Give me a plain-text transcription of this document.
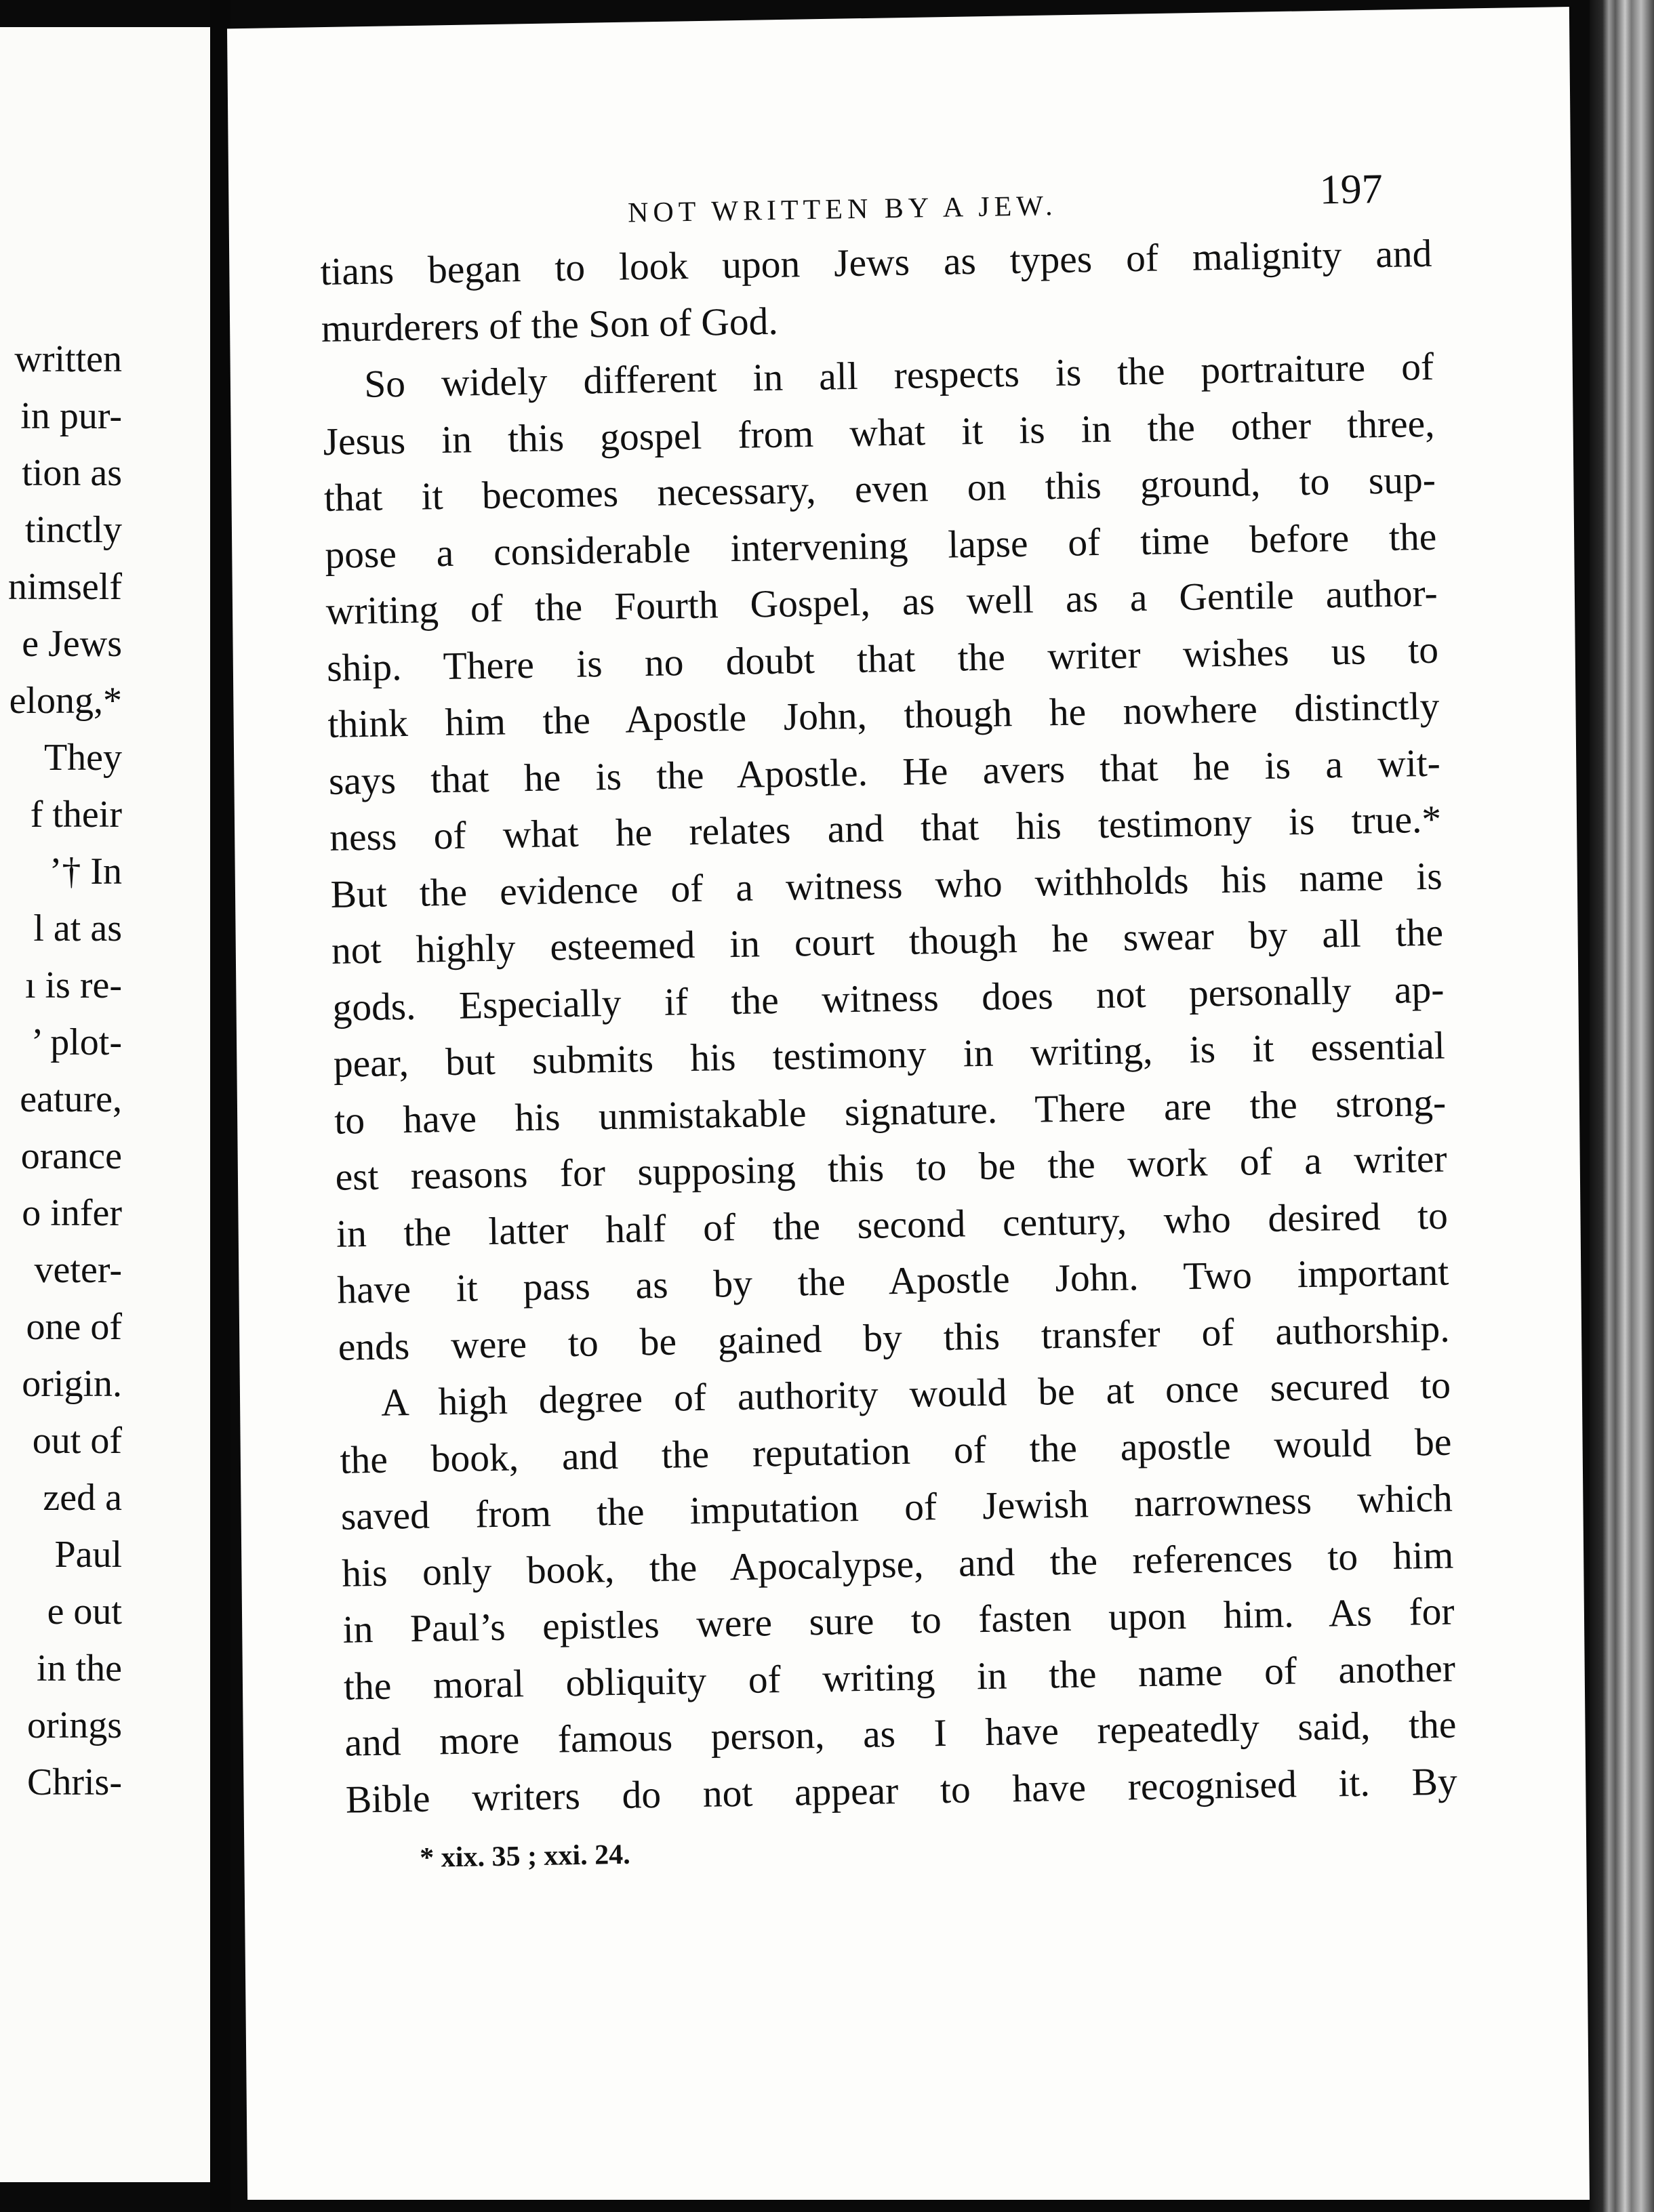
written
in pur-
tion as
tinctly
nimself
e Jews
elong,*
They
f their
’† In
l at as
ı is re-
’ plot-
eature,
orance
o infer
veter-
one of
origin.
out of
zed a
Paul
e out
in the
orings
Chris-
NOT WRITTEN BY A JEW.	197
tians began to look upon Jews as types of malignity and
murderers of the Son of God.
So widely different in all respects is the portraiture of
Jesus in this gospel from what it is in the other three,
that it becomes necessary, even on this ground, to sup-
pose a considerable intervening lapse of time before the
writing of the Fourth Gospel, as well as a Gentile author-
ship. There is no doubt that the writer wishes us to
think him the Apostle John, though he nowhere distinctly
says that he is the Apostle. He avers that he is a wit-
ness of what he relates and that his testimony is true.*
But the evidence of a witness who withholds his name is
not highly esteemed in court though he swear by all the
gods. Especially if the witness does not personally ap-
pear, but submits his testimony in writing, is it essential
to have his unmistakable signature. There are the strong-
est reasons for supposing this to be the work of a writer
in the latter half of the second century, who desired to
have it pass as by the Apostle John. Two important
ends were to be gained by this transfer of authorship.
A high degree of authority would be at once secured to
the book, and the reputation of the apostle would be
saved from the imputation of Jewish narrowness which
his only book, the Apocalypse, and the references to him
in Paul’s epistles were sure to fasten upon him. As for
the moral obliquity of writing in the name of another
and more famous person, as I have repeatedly said, the
Bible writers do not appear to have recognised it. By
* xix. 35 ; xxi. 24.
